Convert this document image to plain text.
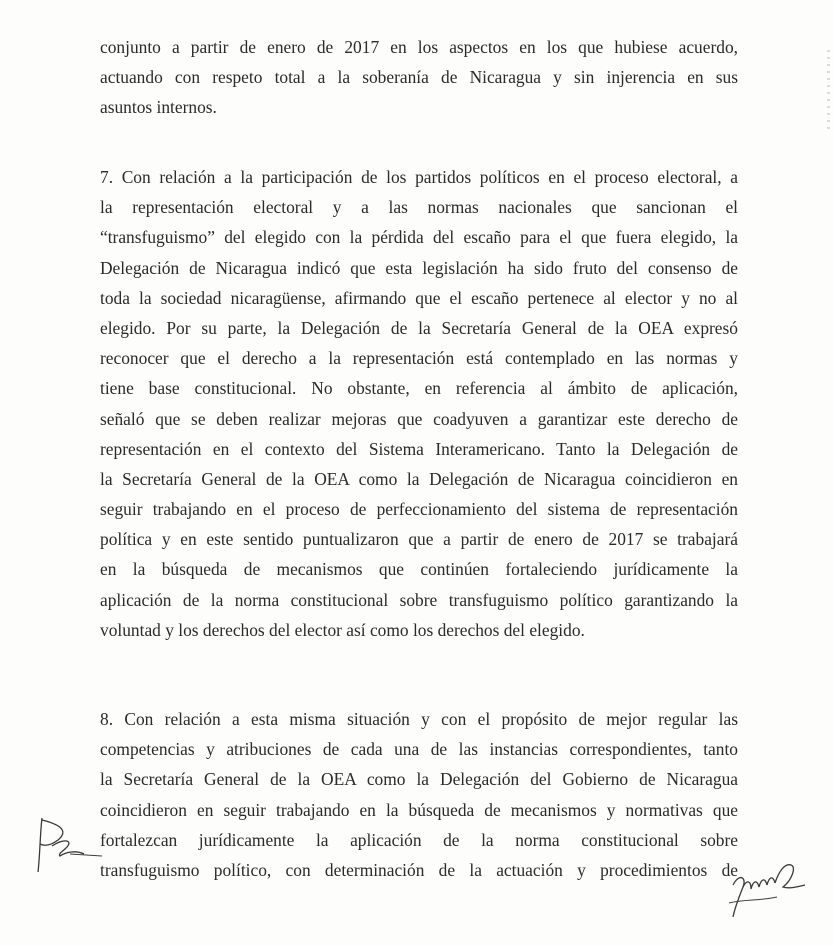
conjunto a partir de enero de 2017 en los aspectos en los que hubiese acuerdo,
actuando con respeto total a la soberanía de Nicaragua y sin injerencia en sus
asuntos internos.
7. Con relación a la participación de los partidos políticos en el proceso electoral, a
la representación electoral y a las normas nacionales que sancionan el
“transfuguismo” del elegido con la pérdida del escaño para el que fuera elegido, la
Delegación de Nicaragua indicó que esta legislación ha sido fruto del consenso de
toda la sociedad nicaragüense, afirmando que el escaño pertenece al elector y no al
elegido. Por su parte, la Delegación de la Secretaría General de la OEA expresó
reconocer que el derecho a la representación está contemplado en las normas y
tiene base constitucional. No obstante, en referencia al ámbito de aplicación,
señaló que se deben realizar mejoras que coadyuven a garantizar este derecho de
representación en el contexto del Sistema Interamericano. Tanto la Delegación de
la Secretaría General de la OEA como la Delegación de Nicaragua coincidieron en
seguir trabajando en el proceso de perfeccionamiento del sistema de representación
política y en este sentido puntualizaron que a partir de enero de 2017 se trabajará
en la búsqueda de mecanismos que continúen fortaleciendo jurídicamente la
aplicación de la norma constitucional sobre transfuguismo político garantizando la
voluntad y los derechos del elector así como los derechos del elegido.
8. Con relación a esta misma situación y con el propósito de mejor regular las
competencias y atribuciones de cada una de las instancias correspondientes, tanto
la Secretaría General de la OEA como la Delegación del Gobierno de Nicaragua
coincidieron en seguir trabajando en la búsqueda de mecanismos y normativas que
fortalezcan jurídicamente la aplicación de la norma constitucional sobre
transfuguismo político, con determinación de la actuación y procedimientos de
